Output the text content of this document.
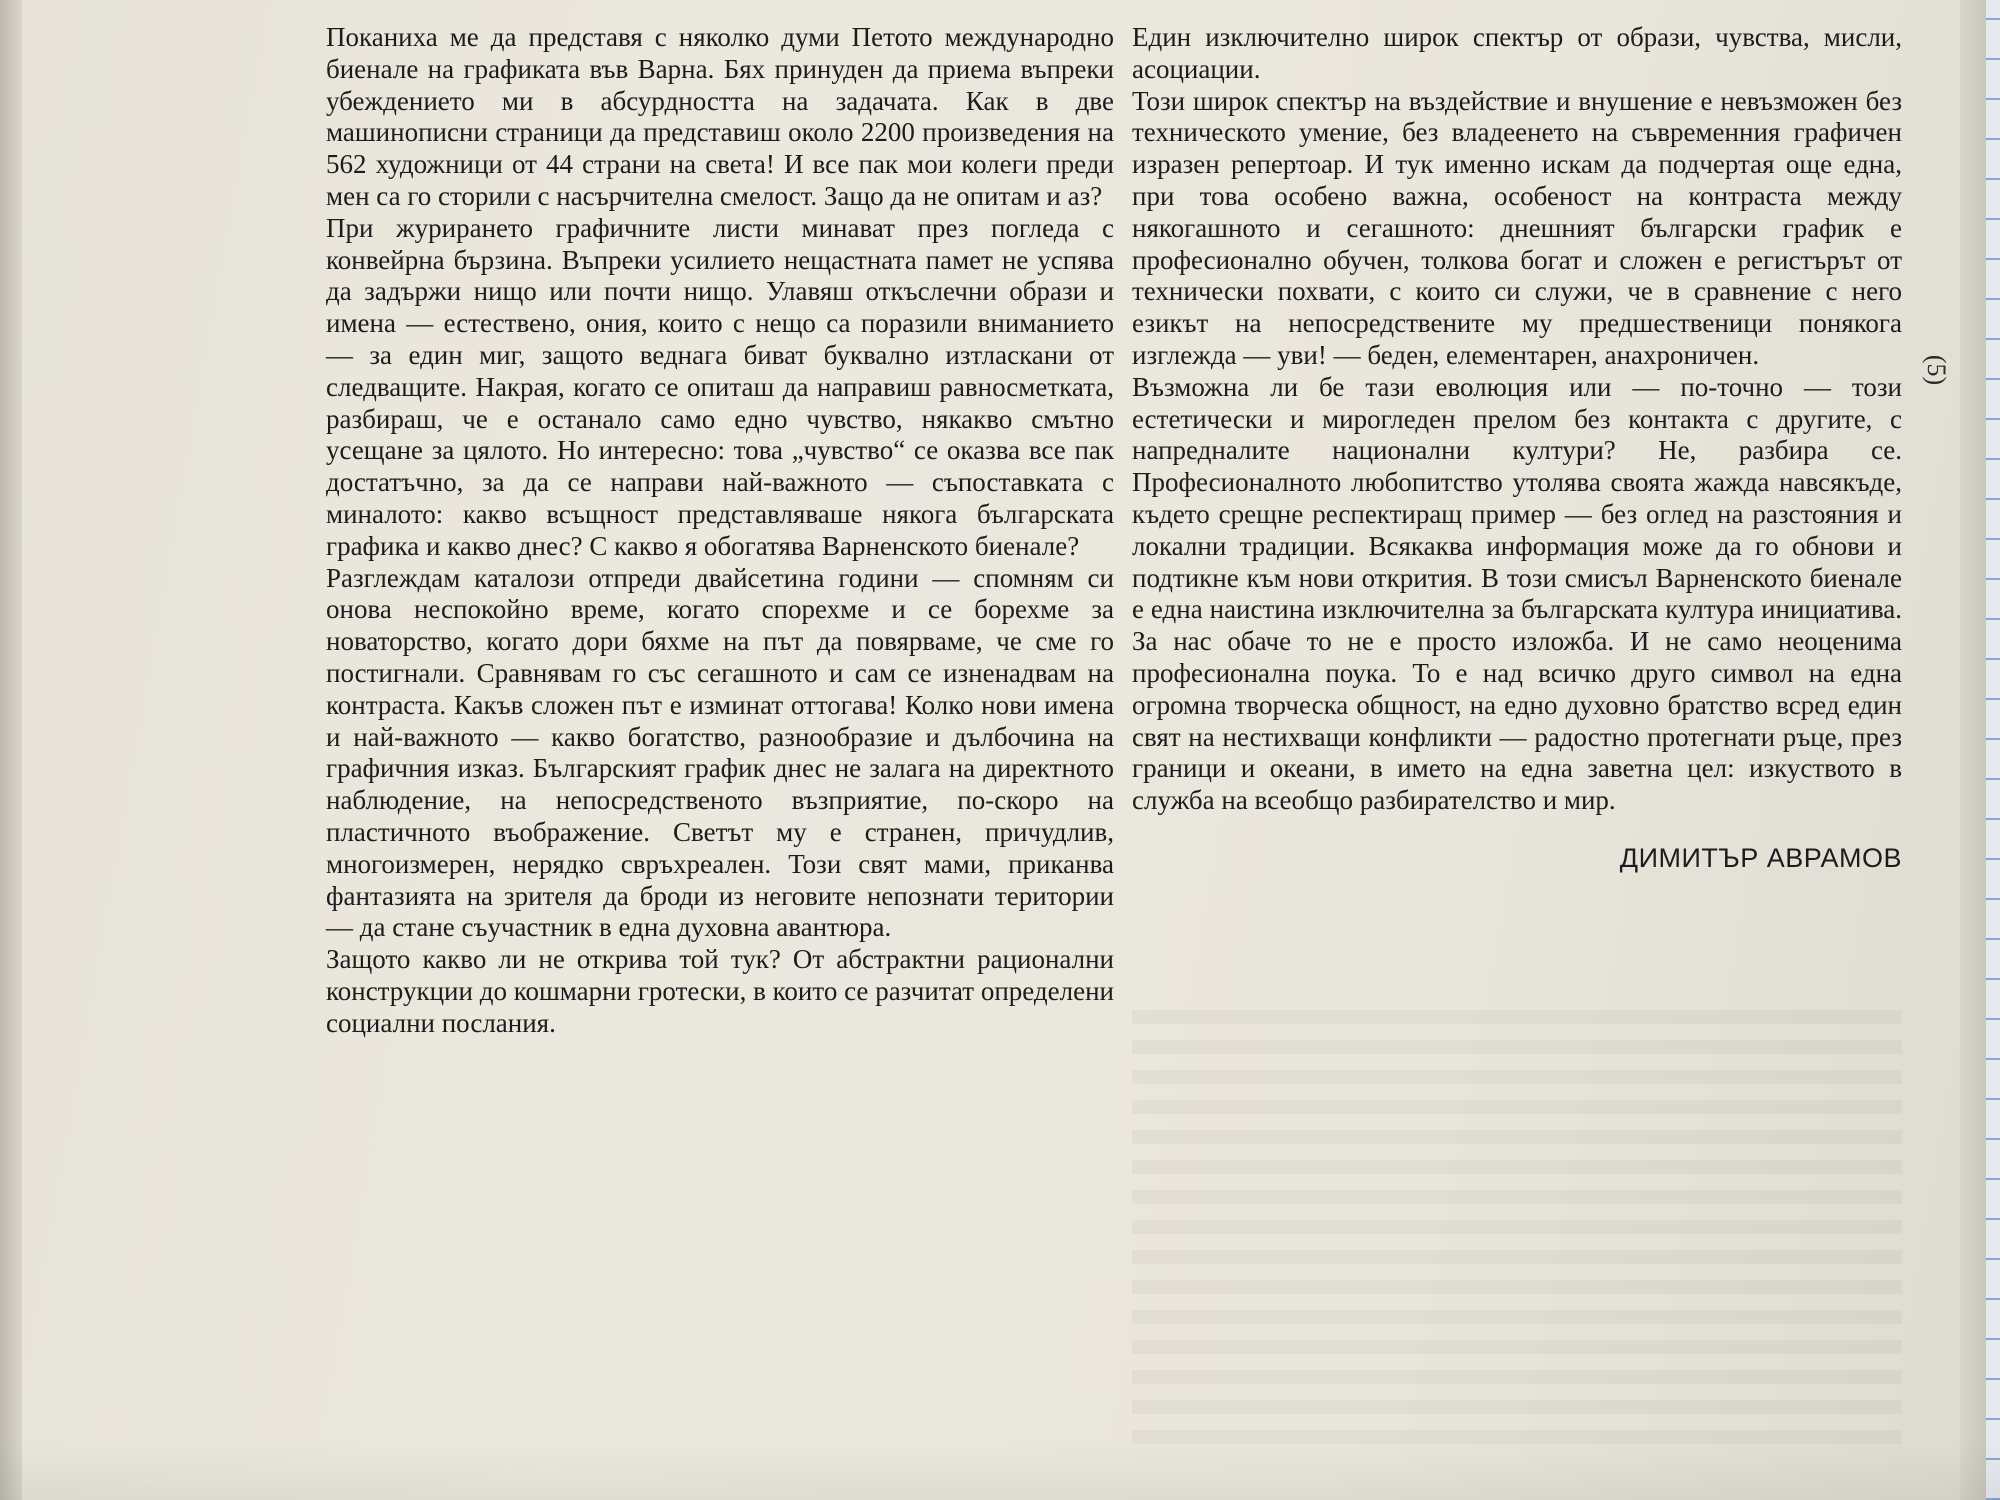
Поканиха ме да представя с няколко думи Петото международно биенале на графиката във Варна. Бях принуден да приема въпреки убеждението ми в абсурдността на задачата. Как в две машинописни страници да представиш около 2200 произведения на 562 художници от 44 страни на света! И все пак мои колеги преди мен са го сторили с насърчителна смелост. Защо да не опитам и аз?

При журирането графичните листи минават през погледа с конвейрна бързина. Въпреки усилието нещастната памет не успява да задържи нищо или почти нищо. Улавяш откъслечни образи и имена — естествено, ония, които с нещо са поразили вниманието — за един миг, защото веднага биват буквално изтласкани от следващите. Накрая, когато се опиташ да направиш равносметката, разбираш, че е останало само едно чувство, някакво смътно усещане за цялото. Но интересно: това „чувство“ се оказва все пак достатъчно, за да се направи най-важното — съпоставката с миналото: какво всъщност представляваше някога българската графика и какво днес? С какво я обогатява Варненското биенале?

Разглеждам каталози отпреди двайсетина години — спомням си онова неспокойно време, когато спорехме и се борехме за новаторство, когато дори бяхме на път да повярваме, че сме го постигнали. Сравнявам го със сегашното и сам се изненадвам на контраста. Какъв сложен път е изминат оттогава! Колко нови имена и най-важното — какво богатство, разнообразие и дълбочина на графичния изказ. Българският график днес не залага на директното наблюдение, на непосредственото възприятие, по-скоро на пластичното въображение. Светът му е странен, причудлив, многоизмерен, нерядко свръхреален. Този свят мами, приканва фантазията на зрителя да броди из неговите непознати територии — да стане съучастник в една духовна авантюра.

Защото какво ли не открива той тук? От абстрактни рационални конструкции до кошмарни гротески, в които се разчитат определени социални послания.

Един изключително широк спектър от образи, чувства, мисли, асоциации.

Този широк спектър на въздействие и внушение е невъзможен без техническото умение, без владеенето на съвременния графичен изразен репертоар. И тук именно искам да подчертая още една, при това особено важна, особеност на контраста между някогашното и сегашното: днешният български график е професионално обучен, толкова богат и сложен е регистърът от технически похвати, с които си служи, че в сравнение с него езикът на непосредствените му предшественици понякога изглежда — уви! — беден, елементарен, анахроничен.

Възможна ли бе тази еволюция или — по-точно — този естетически и мирогледен прелом без контакта с другите, с напредналите национални култури? Не, разбира се. Професионалното любопитство утолява своята жажда навсякъде, където срещне респектиращ пример — без оглед на разстояния и локални традиции. Всякаква информация може да го обнови и подтикне към нови открития. В този смисъл Варненското биенале е една наистина изключителна за българската култура инициатива. За нас обаче то не е просто изложба. И не само неоценима професионална поука. То е над всичко друго символ на една огромна творческа общност, на едно духовно братство всред един свят на нестихващи конфликти — радостно протегнати ръце, през граници и океани, в името на една заветна цел: изкуството в служба на всеобщо разбирателство и мир.

ДИМИТЪР АВРАМОВ
(5)
